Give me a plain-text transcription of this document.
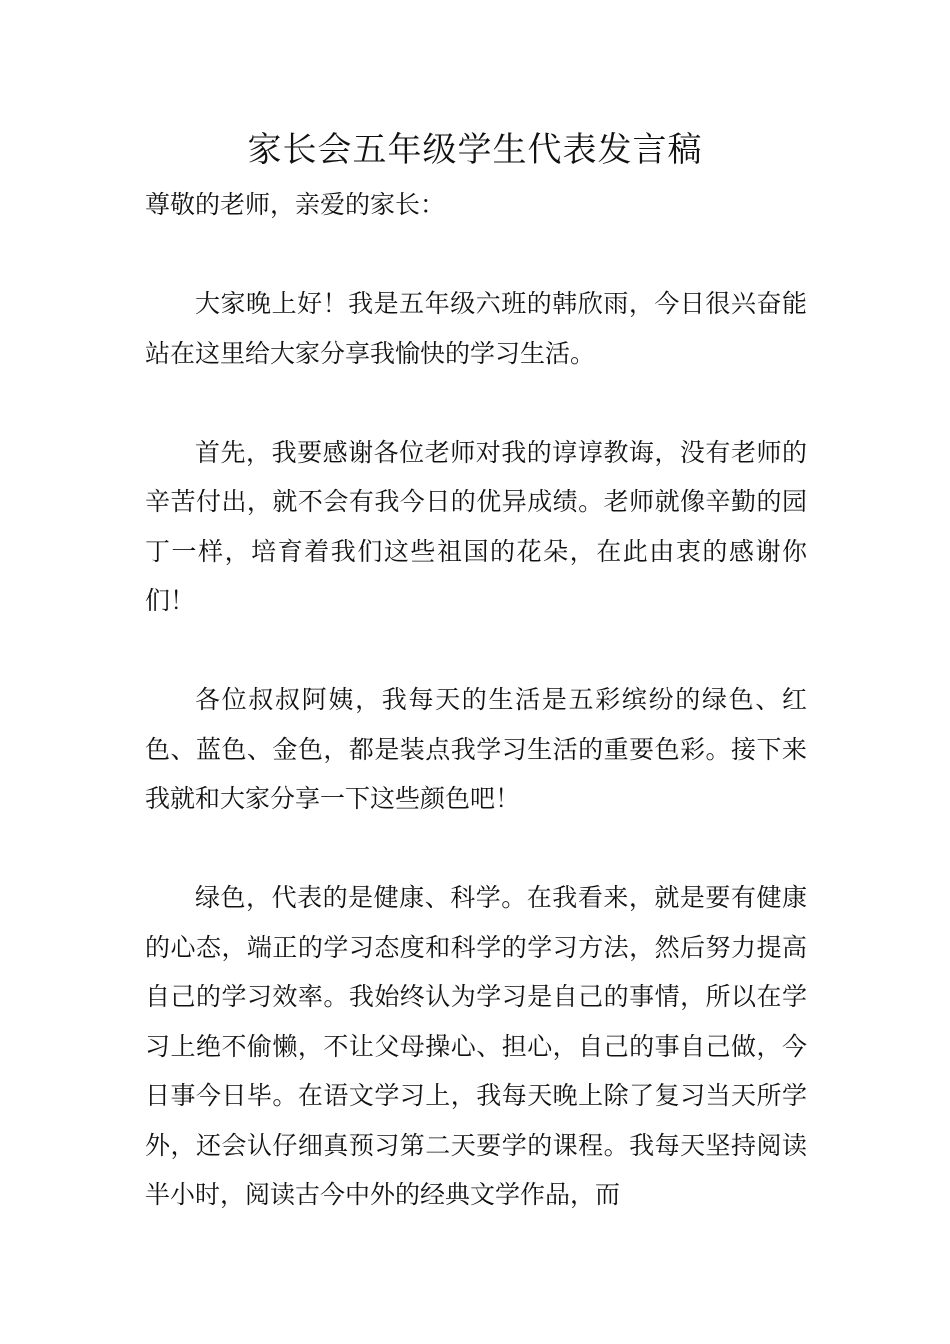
家长会五年级学生代表发言稿

尊敬的老师，亲爱的家长：

大家晚上好！我是五年级六班的韩欣雨，今日很兴奋能站在这里给大家分享我愉快的学习生活。

首先，我要感谢各位老师对我的谆谆教诲，没有老师的辛苦付出，就不会有我今日的优异成绩。老师就像辛勤的园丁一样，培育着我们这些祖国的花朵，在此由衷的感谢你们！

各位叔叔阿姨，我每天的生活是五彩缤纷的绿色、红色、蓝色、金色，都是装点我学习生活的重要色彩。接下来我就和大家分享一下这些颜色吧！

绿色，代表的是健康、科学。在我看来，就是要有健康的心态，端正的学习态度和科学的学习方法，然后努力提高自己的学习效率。我始终认为学习是自己的事情，所以在学习上绝不偷懒，不让父母操心、担心，自己的事自己做，今日事今日毕。在语文学习上，我每天晚上除了复习当天所学外，还会认仔细真预习第二天要学的课程。我每天坚持阅读半小时，阅读古今中外的经典文学作品，而
